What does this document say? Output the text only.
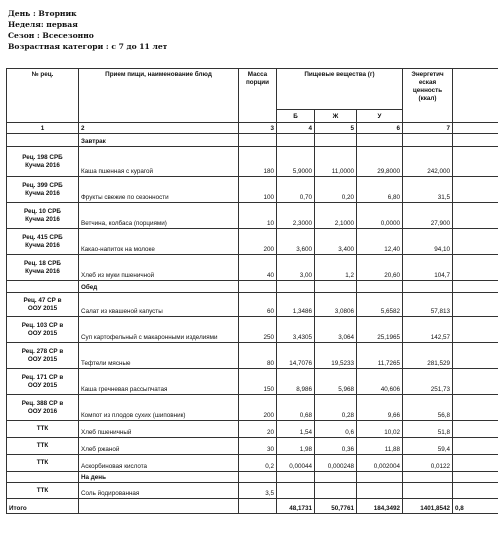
День : Вторник
Неделя: первая
Сезон : Всесезонно
Возрастная категори : с 7 до 11 лет
№ рец.	Прием пищи, наименование блюд	Масса порции	Пищевые вещества (г)			Энергетич еская ценность (ккал)	
			Б	Ж	У		
1	2	3	4	5	6	7	
	Завтрак						
Рец. 198 СРБ
Кучма 2016	Каша пшенная с курагой	180	5,9000	11,0000	29,8000	242,000	
Рец. 399 СРБ
Кучма 2016	Фрукты свежие по сезонности	100	0,70	0,20	6,80	31,5	
Рец. 10 СРБ
Кучма 2016	Ветчина, колбаса (порциями)	10	2,3000	2,1000	0,0000	27,900	
Рец. 415 СРБ
Кучма 2016	Какао-напиток на молоке	200	3,600	3,400	12,40	94,10	
Рец. 18 СРБ
Кучма 2016	Хлеб из муки пшеничной	40	3,00	1,2	20,60	104,7	
	Обед						
Рец. 47 СР в
ООУ 2015	Салат из квашеной капусты	60	1,3486	3,0806	5,6582	57,813	
Рец. 103 СР в
ООУ 2015	Суп картофельный с макаронными изделиями	250	3,4305	3,064	25,1965	142,57	
Рец. 278 СР в
ООУ 2015	Тефтели мясные	80	14,7076	19,5233	11,7265	281,529	
Рец. 171 СР в
ООУ 2015	Каша гречневая рассыпчатая	150	8,986	5,968	40,606	251,73	
Рец. 388 СР в
ООУ 2016	Компот из плодов сухих (шиповник)	200	0,68	0,28	9,66	56,8	
ТТК	Хлеб пшеничный	20	1,54	0,6	10,02	51,8	
ТТК	Хлеб ржаной	30	1,98	0,36	11,88	59,4	
ТТК	Аскорбиновая кислота	0,2	0,00044	0,000248	0,002004	0,0122	
	На день						
ТТК	Соль йодированная	3,5					
Итого			48,1731	50,7761	184,3492	1401,8542	0,8
